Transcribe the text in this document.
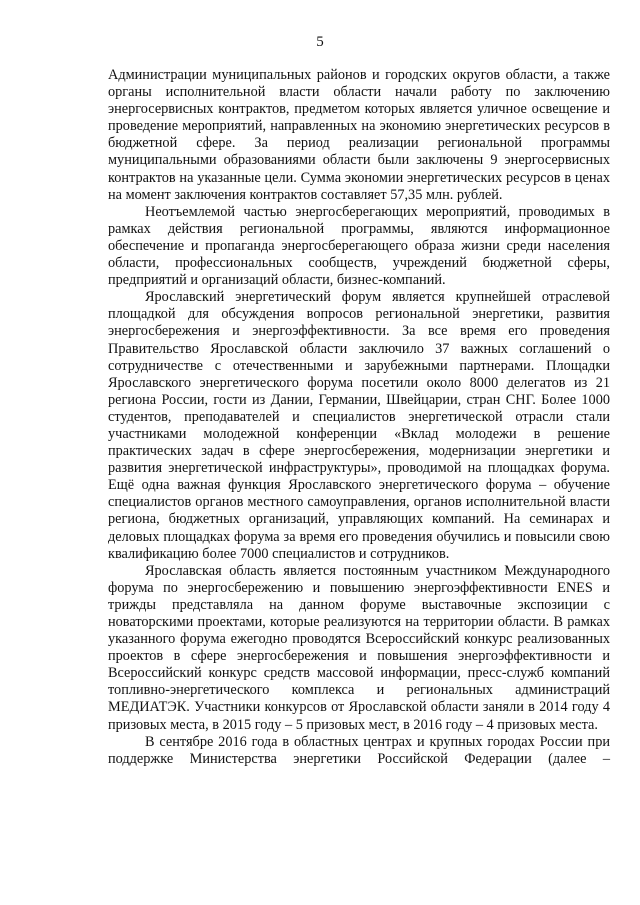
5

Администрации муниципальных районов и городских округов области, а также органы исполнительной власти области начали работу по заключению энергосервисных контрактов, предметом которых является уличное освещение и проведение мероприятий, направленных на экономию энергетических ресурсов в бюджетной сфере. За период реализации региональной программы муниципальными образованиями области были заключены 9 энергосервисных контрактов на указанные цели. Сумма экономии энергетических ресурсов в ценах на момент заключения контрактов составляет 57,35 млн. рублей.

Неотъемлемой частью энергосберегающих мероприятий, проводимых в рамках действия региональной программы, являются информационное обеспечение и пропаганда энергосберегающего образа жизни среди населения области, профессиональных сообществ, учреждений бюджетной сферы, предприятий и организаций области, бизнес-компаний.

Ярославский энергетический форум является крупнейшей отраслевой площадкой для обсуждения вопросов региональной энергетики, развития энергосбережения и энергоэффективности. За все время его проведения Правительство Ярославской области заключило 37 важных соглашений о сотрудничестве с отечественными и зарубежными партнерами. Площадки Ярославского энергетического форума посетили около 8000 делегатов из 21 региона России, гости из Дании, Германии, Швейцарии, стран СНГ. Более 1000 студентов, преподавателей и специалистов энергетической отрасли стали участниками молодежной конференции «Вклад молодежи в решение практических задач в сфере энергосбережения, модернизации энергетики и развития энергетической инфраструктуры», проводимой на площадках форума. Ещё одна важная функция Ярославского энергетического форума – обучение специалистов органов местного самоуправления, органов исполнительной власти региона, бюджетных организаций, управляющих компаний. На семинарах и деловых площадках форума за время его проведения обучились и повысили свою квалификацию более 7000 специалистов и сотрудников.

Ярославская область является постоянным участником Международного форума по энергосбережению и повышению энергоэффективности ENES и трижды представляла на данном форуме выставочные экспозиции с новаторскими проектами, которые реализуются на территории области. В рамках указанного форума ежегодно проводятся Всероссийский конкурс реализованных проектов в сфере энергосбережения и повышения энергоэффективности и Всероссийский конкурс средств массовой информации, пресс-служб компаний топливно-энергетического комплекса и региональных администраций МЕДИАТЭК. Участники конкурсов от Ярославской области заняли в 2014 году 4 призовых места, в 2015 году – 5 призовых мест, в 2016 году – 4 призовых места.

В сентябре 2016 года в областных центрах и крупных городах России при поддержке Министерства энергетики Российской Федерации (далее –
